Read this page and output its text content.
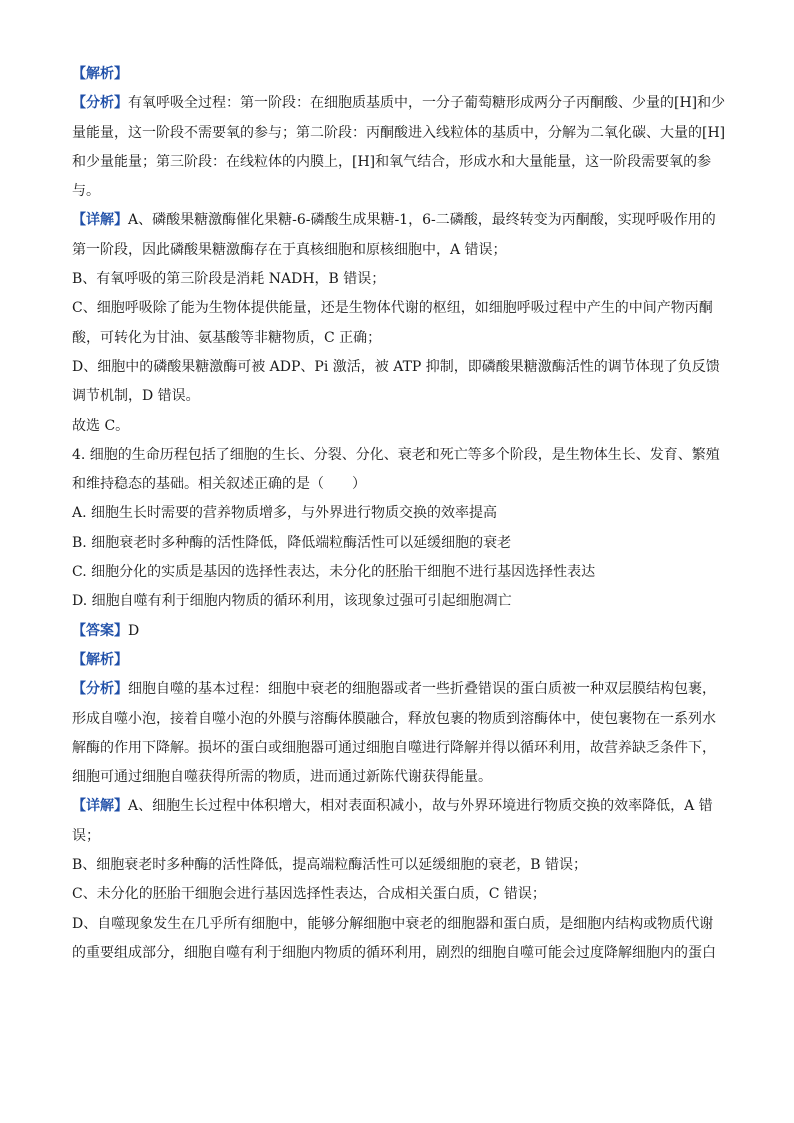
【解析】
【分析】有氧呼吸全过程：第一阶段：在细胞质基质中，一分子葡萄糖形成两分子丙酮酸、少量的[H]和少
量能量，这一阶段不需要氧的参与；第二阶段：丙酮酸进入线粒体的基质中，分解为二氧化碳、大量的[H]
和少量能量；第三阶段：在线粒体的内膜上，[H]和氧气结合，形成水和大量能量，这一阶段需要氧的参
与。
【详解】A、磷酸果糖激酶催化果糖-6-磷酸生成果糖-1，6-二磷酸，最终转变为丙酮酸，实现呼吸作用的
第一阶段，因此磷酸果糖激酶存在于真核细胞和原核细胞中，A 错误；
B、有氧呼吸的第三阶段是消耗 NADH，B 错误；
C、细胞呼吸除了能为生物体提供能量，还是生物体代谢的枢纽，如细胞呼吸过程中产生的中间产物丙酮
酸，可转化为甘油、氨基酸等非糖物质，C 正确；
D、细胞中的磷酸果糖激酶可被 ADP、Pi 激活，被 ATP 抑制，即磷酸果糖激酶活性的调节体现了负反馈
调节机制，D 错误。
故选 C。
4. 细胞的生命历程包括了细胞的生长、分裂、分化、衰老和死亡等多个阶段，是生物体生长、发育、繁殖
和维持稳态的基础。相关叙述正确的是（　　）
A. 细胞生长时需要的营养物质增多，与外界进行物质交换的效率提高
B. 细胞衰老时多种酶的活性降低，降低端粒酶活性可以延缓细胞的衰老
C. 细胞分化的实质是基因的选择性表达，未分化的胚胎干细胞不进行基因选择性表达
D. 细胞自噬有利于细胞内物质的循环利用，该现象过强可引起细胞凋亡
【答案】D
【解析】
【分析】细胞自噬的基本过程：细胞中衰老的细胞器或者一些折叠错误的蛋白质被一种双层膜结构包裹，
形成自噬小泡，接着自噬小泡的外膜与溶酶体膜融合，释放包裹的物质到溶酶体中，使包裹物在一系列水
解酶的作用下降解。损坏的蛋白或细胞器可通过细胞自噬进行降解并得以循环利用，故营养缺乏条件下，
细胞可通过细胞自噬获得所需的物质，进而通过新陈代谢获得能量。
【详解】A、细胞生长过程中体积增大，相对表面积减小，故与外界环境进行物质交换的效率降低，A 错
误；
B、细胞衰老时多种酶的活性降低，提高端粒酶活性可以延缓细胞的衰老，B 错误；
C、未分化的胚胎干细胞会进行基因选择性表达，合成相关蛋白质，C 错误；
D、自噬现象发生在几乎所有细胞中，能够分解细胞中衰老的细胞器和蛋白质，是细胞内结构或物质代谢
的重要组成部分，细胞自噬有利于细胞内物质的循环利用，剧烈的细胞自噬可能会过度降解细胞内的蛋白
